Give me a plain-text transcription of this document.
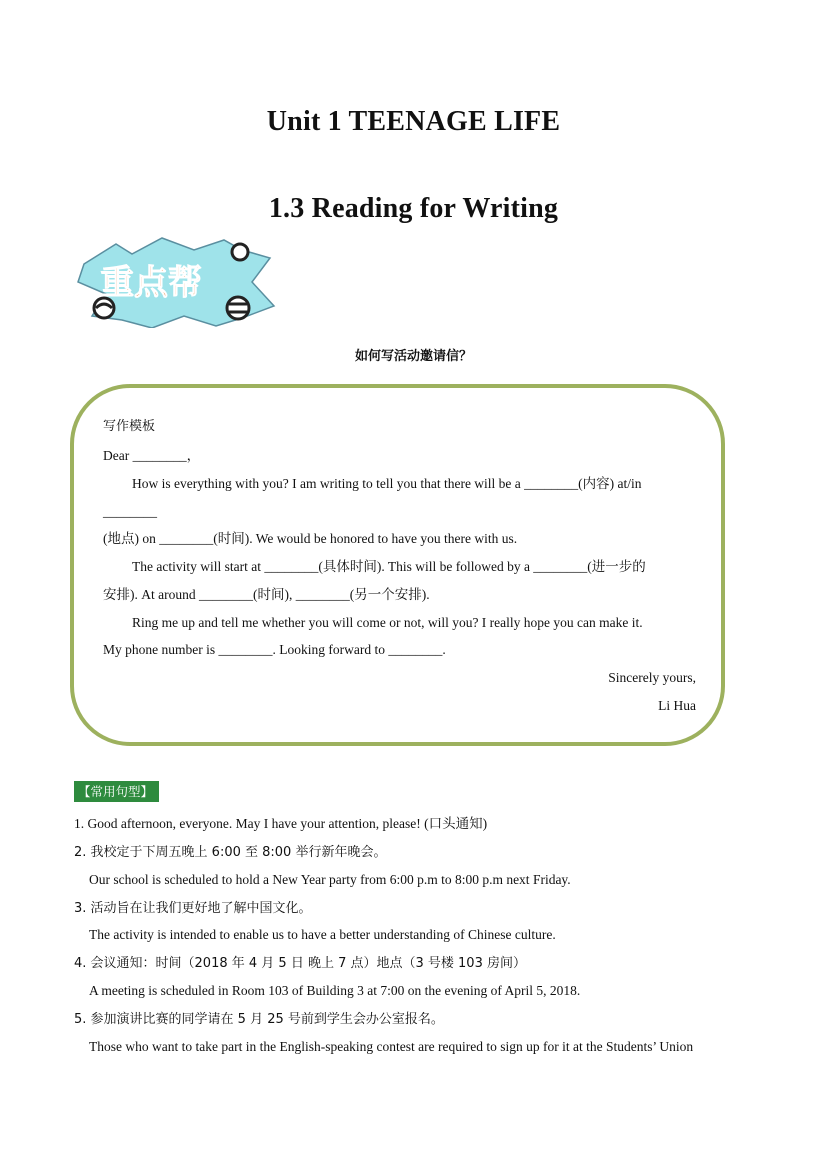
Unit 1 TEENAGE LIFE
1.3 Reading for Writing
重点帮
如何写活动邀请信？
写作模板
Dear ________，
How is everything with you? I am writing to tell you that there will be a ________(内容) at/in
________
(地点) on ________(时间). We would be honored to have you there with us.
The activity will start at ________(具体时间). This will be followed by a ________(进一步的
安排). At around ________(时间), ________(另一个安排).
Ring me up and tell me whether you will come or not, will you? I really hope you can make it.
My phone number is ________. Looking forward to ________.
Sincerely yours,
Li Hua
【常用句型】
1. Good afternoon, everyone. May I have your attention, please! (口头通知)
2. 我校定于下周五晚上 6:00 至 8:00 举行新年晚会。
Our school is scheduled to hold a New Year party from 6:00 p.m to 8:00 p.m next Friday.
3. 活动旨在让我们更好地了解中国文化。
The activity is intended to enable us to have a better understanding of Chinese culture.
4. 会议通知：时间（2018 年 4 月 5 日 晚上 7 点）地点（3 号楼 103 房间）
A meeting is scheduled in Room 103 of Building 3 at 7:00 on the evening of April 5, 2018.
5. 参加演讲比赛的同学请在 5 月 25 号前到学生会办公室报名。
Those who want to take part in the English-speaking contest are required to sign up for it at the Students’ Union
